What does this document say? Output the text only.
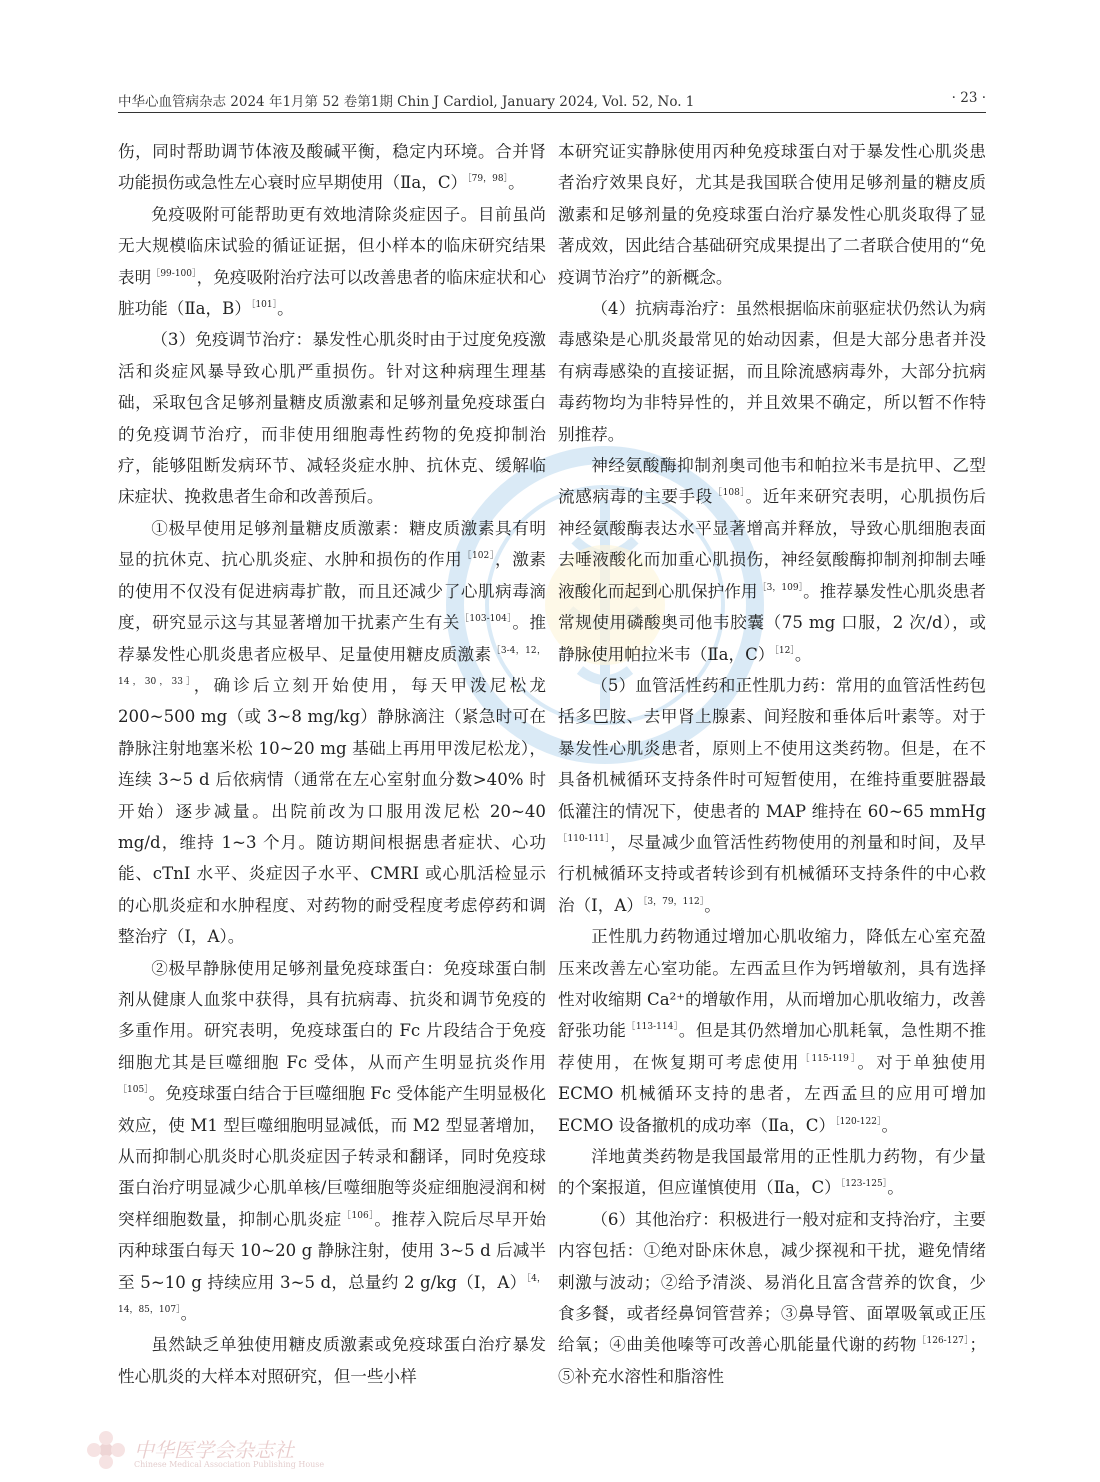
中华心血管病杂志 2024 年1月第 52 卷第1期 Chin J Cardiol, January 2024, Vol. 52, No. 1	· 23 ·

伤，同时帮助调节体液及酸碱平衡，稳定内环境。合并肾功能损伤或急性左心衰时应早期使用（Ⅱa，C）$^{[79,98]}$。

免疫吸附可能帮助更有效地清除炎症因子。目前虽尚无大规模临床试验的循证证据，但小样本的临床研究结果表明$^{[99-100]}$，免疫吸附治疗法可以改善患者的临床症状和心脏功能（Ⅱa，B）$^{[101]}$。

（3）免疫调节治疗：暴发性心肌炎时由于过度免疫激活和炎症风暴导致心肌严重损伤。针对这种病理生理基础，采取包含足够剂量糖皮质激素和足够剂量免疫球蛋白的免疫调节治疗，而非使用细胞毒性药物的免疫抑制治疗，能够阻断发病环节、减轻炎症水肿、抗休克、缓解临床症状、挽救患者生命和改善预后。

①极早使用足够剂量糖皮质激素：糖皮质激素具有明显的抗休克、抗心肌炎症、水肿和损伤的作用$^{[102]}$，激素的使用不仅没有促进病毒扩散，而且还减少了心肌病毒滴度，研究显示这与其显著增加干扰素产生有关$^{[103-104]}$。推荐暴发性心肌炎患者应极早、足量使用糖皮质激素$^{[3-4,12,14,30,33]}$，确诊后立刻开始使用，每天甲泼尼松龙 200~500 mg（或 3~8 mg/kg）静脉滴注（紧急时可在静脉注射地塞米松 10~20 mg 基础上再用甲泼尼松龙），连续 3~5 d 后依病情（通常在左心室射血分数>40% 时开始）逐步减量。出院前改为口服用泼尼松 20~40 mg/d，维持 1~3 个月。随访期间根据患者症状、心功能、cTnI 水平、炎症因子水平、CMRI 或心肌活检显示的心肌炎症和水肿程度、对药物的耐受程度考虑停药和调整治疗（Ⅰ，A）。

②极早静脉使用足够剂量免疫球蛋白：免疫球蛋白制剂从健康人血浆中获得，具有抗病毒、抗炎和调节免疫的多重作用。研究表明，免疫球蛋白的 Fc 片段结合于免疫细胞尤其是巨噬细胞 Fc 受体，从而产生明显抗炎作用$^{[105]}$。免疫球蛋白结合于巨噬细胞 Fc 受体能产生明显极化效应，使 M1 型巨噬细胞明显减低，而 M2 型显著增加，从而抑制心肌炎时心肌炎症因子转录和翻译，同时免疫球蛋白治疗明显减少心肌单核/巨噬细胞等炎症细胞浸润和树突样细胞数量，抑制心肌炎症$^{[106]}$。推荐入院后尽早开始丙种球蛋白每天 10~20 g 静脉注射，使用 3~5 d 后减半至 5~10 g 持续应用 3~5 d，总量约 2 g/kg（Ⅰ，A）$^{[4,14,85,107]}$。

虽然缺乏单独使用糖皮质激素或免疫球蛋白治疗暴发性心肌炎的大样本对照研究，但一些小样

本研究证实静脉使用丙种免疫球蛋白对于暴发性心肌炎患者治疗效果良好，尤其是我国联合使用足够剂量的糖皮质激素和足够剂量的免疫球蛋白治疗暴发性心肌炎取得了显著成效，因此结合基础研究成果提出了二者联合使用的“免疫调节治疗”的新概念。

（4）抗病毒治疗：虽然根据临床前驱症状仍然认为病毒感染是心肌炎最常见的始动因素，但是大部分患者并没有病毒感染的直接证据，而且除流感病毒外，大部分抗病毒药物均为非特异性的，并且效果不确定，所以暂不作特别推荐。

神经氨酸酶抑制剂奥司他韦和帕拉米韦是抗甲、乙型流感病毒的主要手段$^{[108]}$。近年来研究表明，心肌损伤后神经氨酸酶表达水平显著增高并释放，导致心肌细胞表面去唾液酸化而加重心肌损伤，神经氨酸酶抑制剂抑制去唾液酸化而起到心肌保护作用$^{[3,109]}$。推荐暴发性心肌炎患者常规使用磷酸奥司他韦胶囊（75 mg 口服，2 次/d），或静脉使用帕拉米韦（Ⅱa，C）$^{[12]}$。

（5）血管活性药和正性肌力药：常用的血管活性药包括多巴胺、去甲肾上腺素、间羟胺和垂体后叶素等。对于暴发性心肌炎患者，原则上不使用这类药物。但是，在不具备机械循环支持条件时可短暂使用，在维持重要脏器最低灌注的情况下，使患者的 MAP 维持在 60~65 mmHg$^{[110-111]}$，尽量减少血管活性药物使用的剂量和时间，及早行机械循环支持或者转诊到有机械循环支持条件的中心救治（Ⅰ，A）$^{[3,79,112]}$。

正性肌力药物通过增加心肌收缩力，降低左心室充盈压来改善左心室功能。左西孟旦作为钙增敏剂，具有选择性对收缩期 Ca²⁺的增敏作用，从而增加心肌收缩力，改善舒张功能$^{[113-114]}$。但是其仍然增加心肌耗氧，急性期不推荐使用，在恢复期可考虑使用$^{[115-119]}$。对于单独使用 ECMO 机械循环支持的患者，左西孟旦的应用可增加 ECMO 设备撤机的成功率（Ⅱa，C）$^{[120-122]}$。

洋地黄类药物是我国最常用的正性肌力药物，有少量的个案报道，但应谨慎使用（Ⅱa，C）$^{[123-125]}$。

（6）其他治疗：积极进行一般对症和支持治疗，主要内容包括：①绝对卧床休息，减少探视和干扰，避免情绪刺激与波动；②给予清淡、易消化且富含营养的饮食，少食多餐，或者经鼻饲管营养；③鼻导管、面罩吸氧或正压给氧；④曲美他嗪等可改善心肌能量代谢的药物$^{[126-127]}$；⑤补充水溶性和脂溶性

中华医学会杂志社
Chinese Medical Association Publishing House
